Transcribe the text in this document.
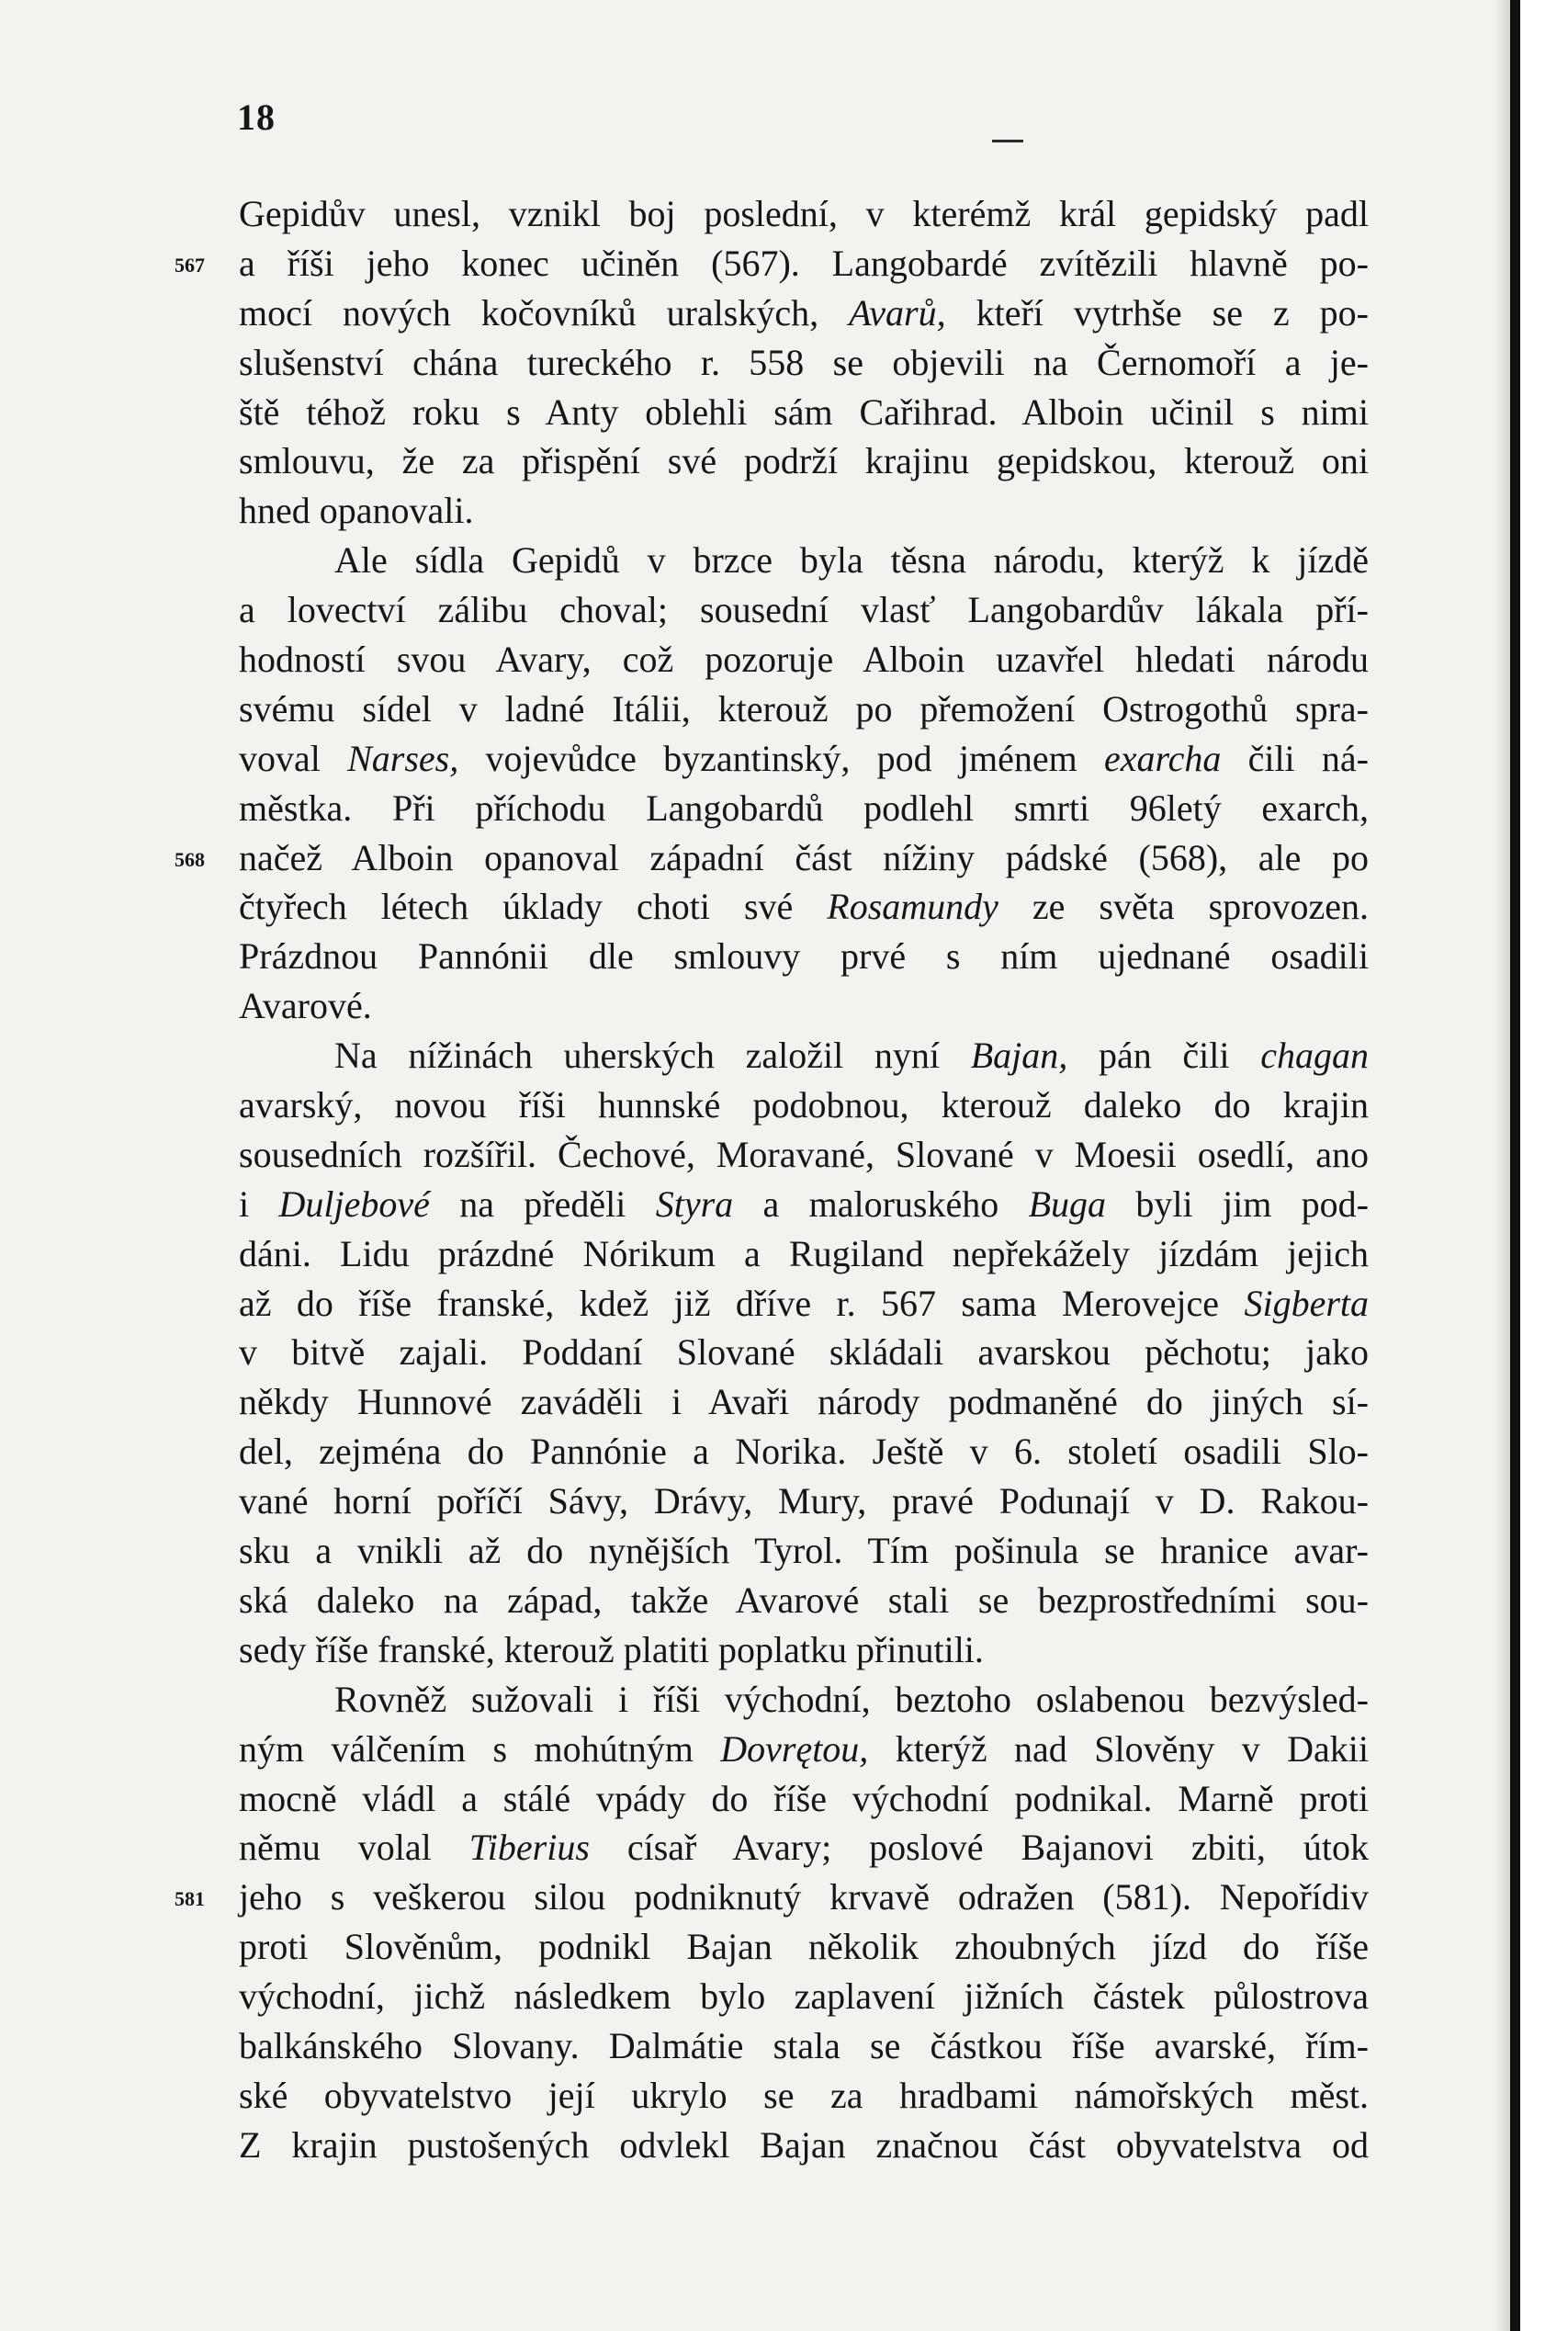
18
Gepidův unesl, vznikl boj poslední, v kterémž král gepidský padl
567 a říši jeho konec učiněn (567). Langobardé zvítězili hlavně po-
mocí nových kočovníků uralských, Avarů, kteří vytrhše se z po-
slušenství chána tureckého r. 558 se objevili na Černomoří a je-
ště téhož roku s Anty oblehli sám Cařihrad. Alboin učinil s nimi
smlouvu, že za přispění své podrží krajinu gepidskou, kterouž oni
hned opanovali.
Ale sídla Gepidů v brzce byla těsna národu, kterýž k jízdě
a lovectví zálibu choval; sousední vlasť Langobardův lákala pří-
hodností svou Avary, což pozoruje Alboin uzavřel hledati národu
svému sídel v ladné Itálii, kterouž po přemožení Ostrogothů spra-
voval Narses, vojevůdce byzantinský, pod jménem exarcha čili ná-
městka. Při příchodu Langobardů podlehl smrti 96letý exarch,
568 načež Alboin opanoval západní část nížiny pádské (568), ale po
čtyřech létech úklady choti své Rosamundy ze světa sprovozen.
Prázdnou Pannónii dle smlouvy prvé s ním ujednané osadili
Avarové.
Na nížinách uherských založil nyní Bajan, pán čili chagan
avarský, novou říši hunnské podobnou, kterouž daleko do krajin
sousedních rozšířil. Čechové, Moravané, Slované v Moesii osedlí, ano
i Duljebové na předěli Styra a maloruského Buga byli jim pod-
dáni. Lidu prázdné Nórikum a Rugiland nepřekážely jízdám jejich
až do říše franské, kdež již dříve r. 567 sama Merovejce Sigberta
v bitvě zajali. Poddaní Slované skládali avarskou pěchotu; jako
někdy Hunnové zaváděli i Avaři národy podmaněné do jiných sí-
del, zejména do Pannónie a Norika. Ještě v 6. století osadili Slo-
vané horní poříčí Sávy, Drávy, Mury, pravé Podunají v D. Rakou-
sku a vnikli až do nynějších Tyrol. Tím pošinula se hranice avar-
ská daleko na západ, takže Avarové stali se bezprostředními sou-
sedy říše franské, kterouž platiti poplatku přinutili.
Rovněž sužovali i říši východní, beztoho oslabenou bezvýsled-
ným válčením s mohútným Dovrętou, kterýž nad Slověny v Dakii
mocně vládl a stálé vpády do říše východní podnikal. Marně proti
němu volal Tiberius císař Avary; poslové Bajanovi zbiti, útok
581 jeho s veškerou silou podniknutý krvavě odražen (581). Nepořídiv
proti Slověnům, podnikl Bajan několik zhoubných jízd do říše
východní, jichž následkem bylo zaplavení jižních částek půlostrova
balkánského Slovany. Dalmátie stala se částkou říše avarské, řím-
ské obyvatelstvo její ukrylo se za hradbami námořských měst.
Z krajin pustošených odvlekl Bajan značnou část obyvatelstva od
